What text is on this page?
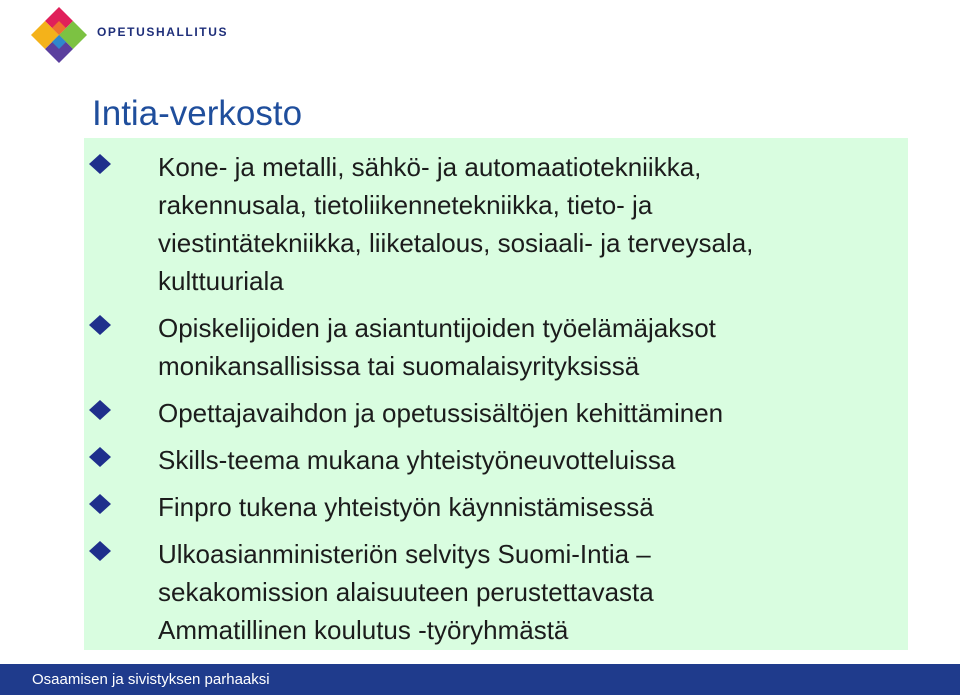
OPETUSHALLITUS
Intia-verkosto
Kone- ja metalli, sähkö- ja automaatiotekniikka,
rakennusala, tietoliikennetekniikka, tieto- ja
viestintätekniikka, liiketalous, sosiaali- ja terveysala,
kulttuuriala
Opiskelijoiden ja asiantuntijoiden työelämäjaksot
monikansallisissa tai suomalaisyrityksissä
Opettajavaihdon ja opetussisältöjen kehittäminen
Skills-teema mukana yhteistyöneuvotteluissa
Finpro tukena yhteistyön käynnistämisessä
Ulkoasianministeriön selvitys Suomi-Intia –
sekakomission alaisuuteen perustettavasta
Ammatillinen koulutus -työryhmästä
Osaamisen ja sivistyksen parhaaksi
